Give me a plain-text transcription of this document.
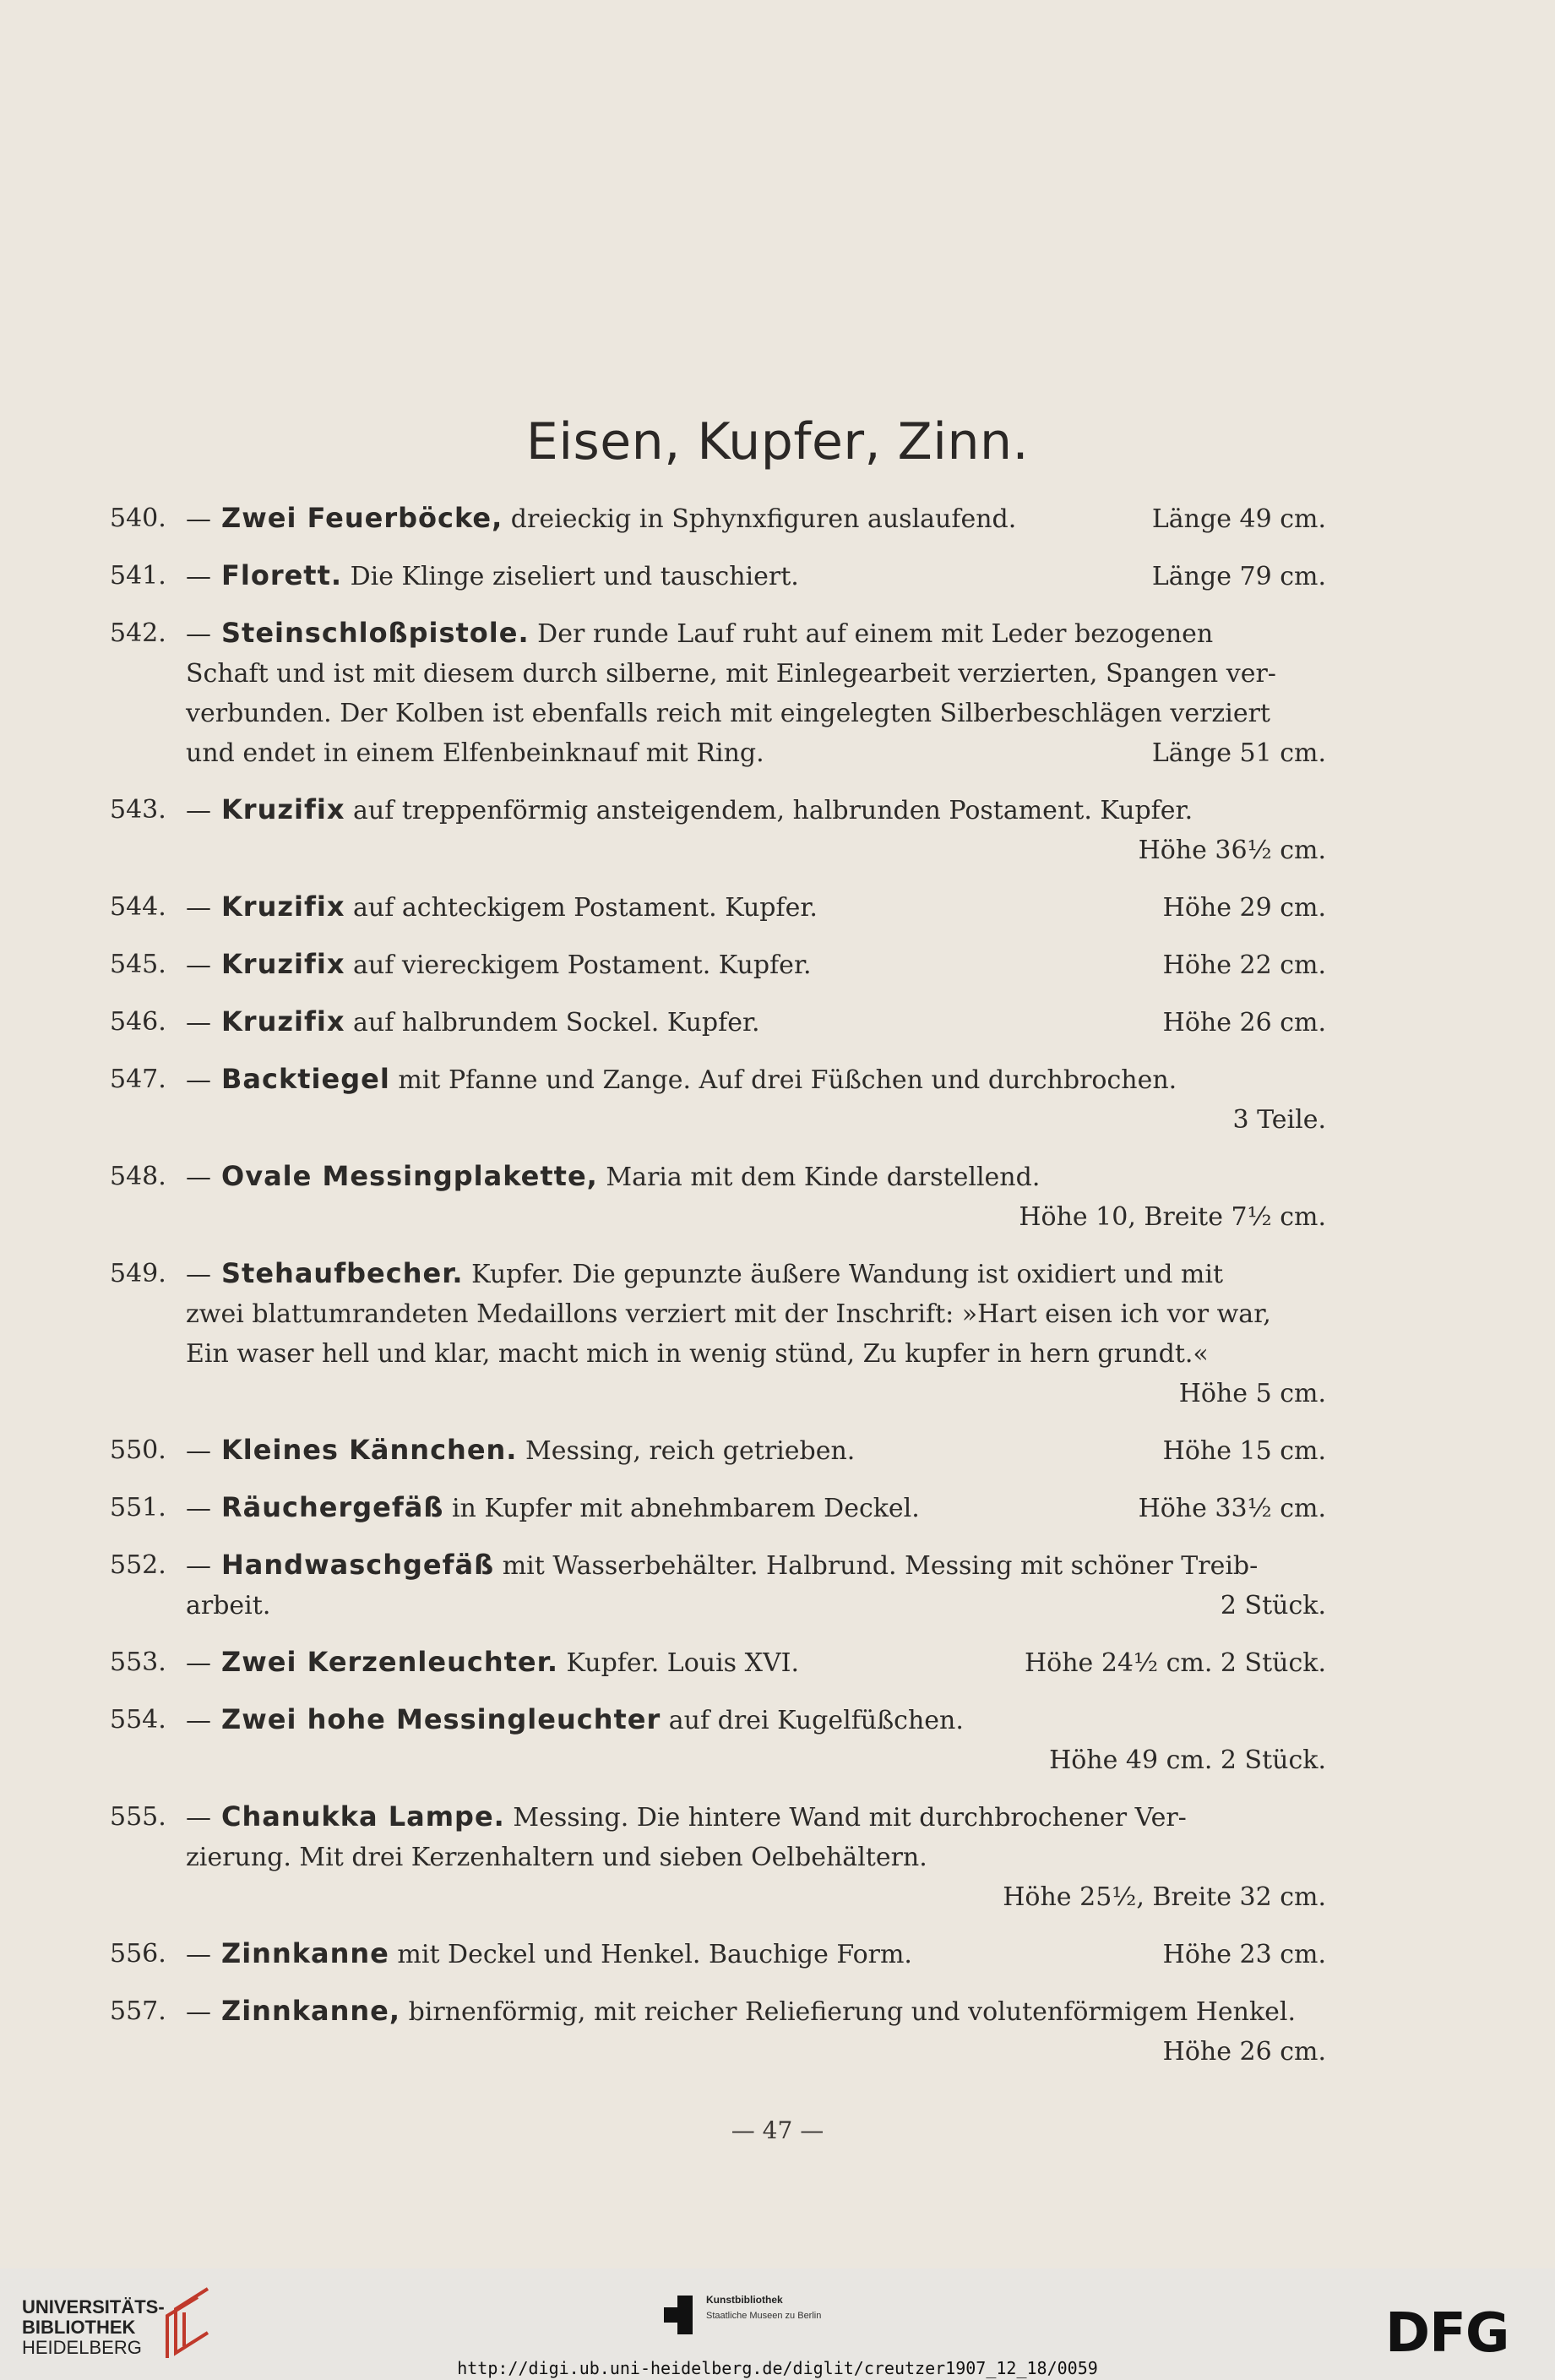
Eisen, Kupfer, Zinn.
540. — Zwei Feuerböcke, dreieckig in Sphynxfiguren auslaufend.	Länge 49 cm.
541. — Florett. Die Klinge ziseliert und tauschiert.	Länge 79 cm.
542. — Steinschloßpistole. Der runde Lauf ruht auf einem mit Leder bezogenen
Schaft und ist mit diesem durch silberne, mit Einlegearbeit verzierten, Spangen ver-
verbunden. Der Kolben ist ebenfalls reich mit eingelegten Silberbeschlägen verziert
und endet in einem Elfenbeinknauf mit Ring.	Länge 51 cm.
543. — Kruzifix auf treppenförmig ansteigendem, halbrunden Postament. Kupfer.
Höhe 36½ cm.
544. — Kruzifix auf achteckigem Postament. Kupfer.	Höhe 29 cm.
545. — Kruzifix auf viereckigem Postament. Kupfer.	Höhe 22 cm.
546. — Kruzifix auf halbrundem Sockel. Kupfer.	Höhe 26 cm.
547. — Backtiegel mit Pfanne und Zange. Auf drei Füßchen und durchbrochen.
3 Teile.
548. — Ovale Messingplakette, Maria mit dem Kinde darstellend.
Höhe 10, Breite 7½ cm.
549. — Stehaufbecher. Kupfer. Die gepunzte äußere Wandung ist oxidiert und mit
zwei blattumrandeten Medaillons verziert mit der Inschrift: »Hart eisen ich vor war,
Ein waser hell und klar, macht mich in wenig stünd, Zu kupfer in hern grundt.«
Höhe 5 cm.
550. — Kleines Kännchen. Messing, reich getrieben.	Höhe 15 cm.
551. — Räuchergefäß in Kupfer mit abnehmbarem Deckel.	Höhe 33½ cm.
552. — Handwaschgefäß mit Wasserbehälter. Halbrund. Messing mit schöner Treib-
arbeit.	2 Stück.
553. — Zwei Kerzenleuchter. Kupfer. Louis XVI.	Höhe 24½ cm. 2 Stück.
554. — Zwei hohe Messingleuchter auf drei Kugelfüßchen.
Höhe 49 cm. 2 Stück.
555. — Chanukka Lampe. Messing. Die hintere Wand mit durchbrochener Ver-
zierung. Mit drei Kerzenhaltern und sieben Oelbehältern.
Höhe 25½, Breite 32 cm.
556. — Zinnkanne mit Deckel und Henkel. Bauchige Form.	Höhe 23 cm.
557. — Zinnkanne, birnenförmig, mit reicher Reliefierung und volutenförmigem Henkel.
Höhe 26 cm.
— 47 —
UNIVERSITÄTS-
BIBLIOTHEK
HEIDELBERG
Kunstbibliothek
Staatliche Museen zu Berlin	DFG
http://digi.ub.uni-heidelberg.de/diglit/creutzer1907_12_18/0059
